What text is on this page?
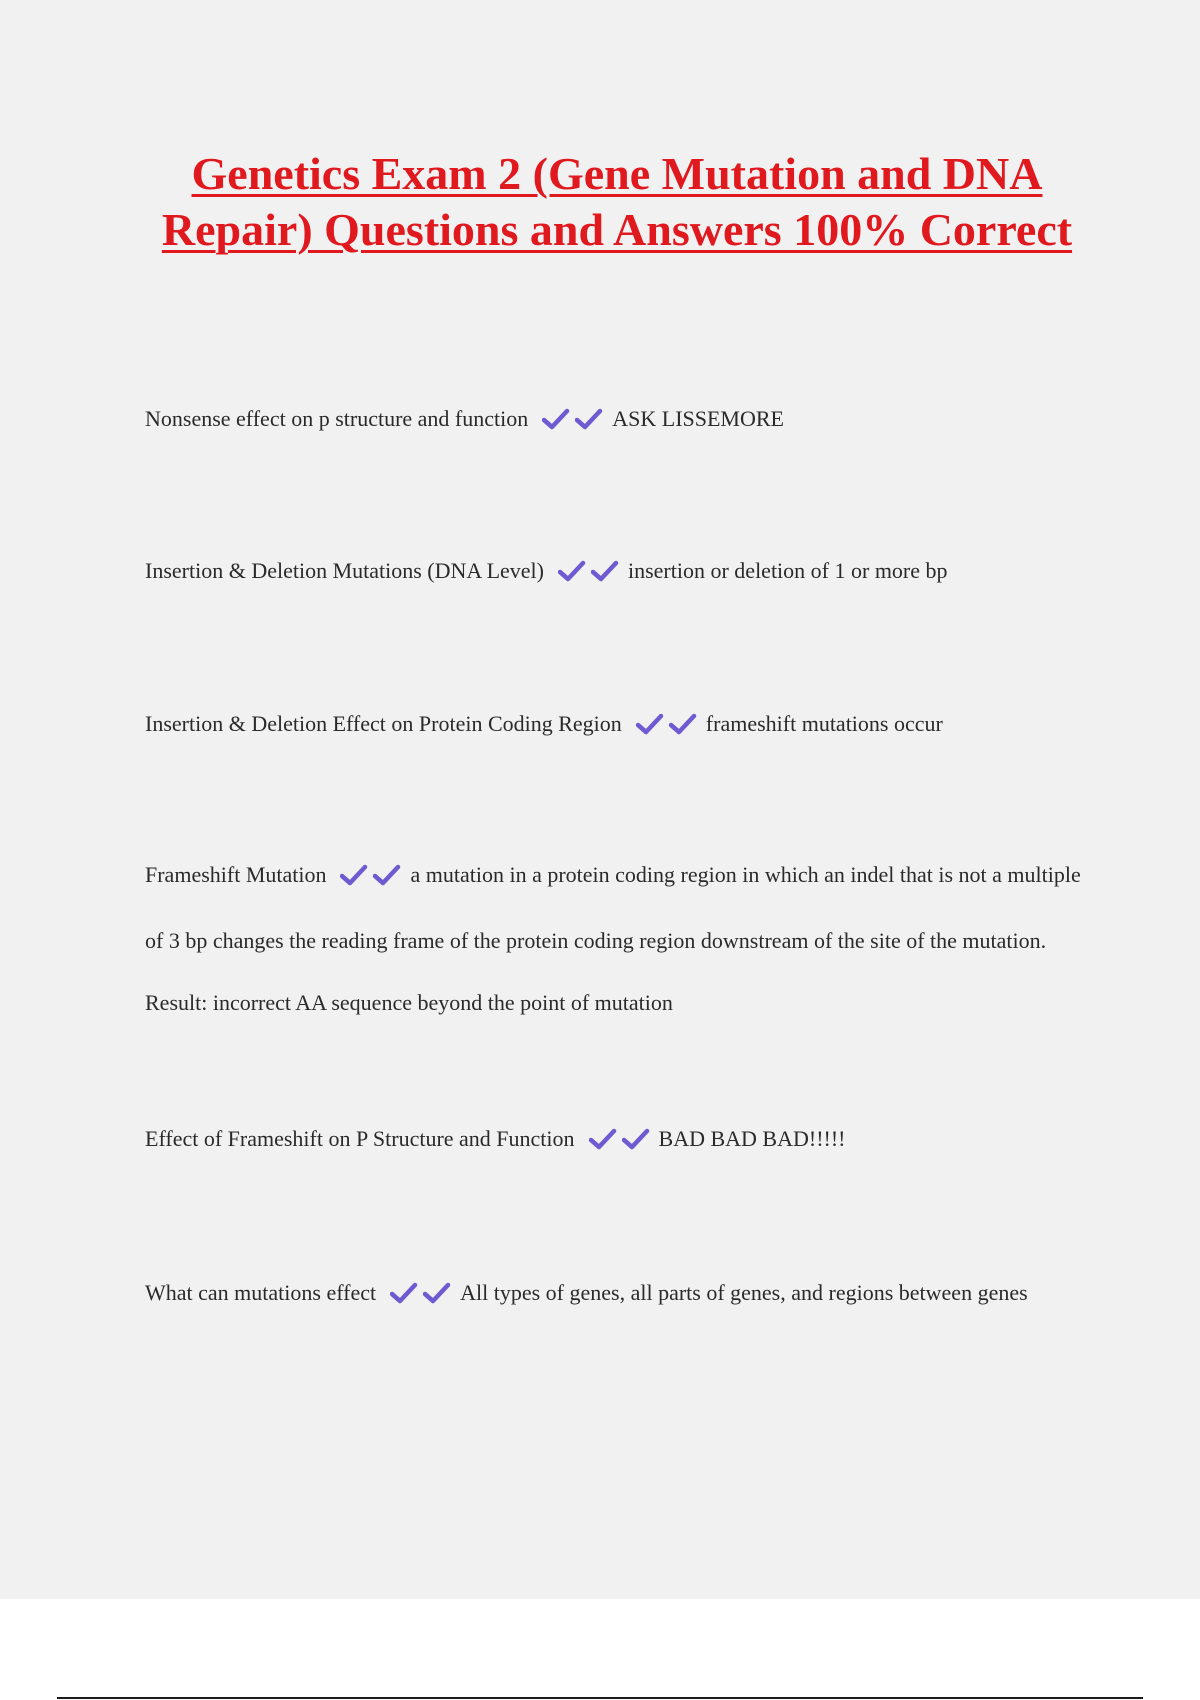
Genetics Exam 2 (Gene Mutation and DNA Repair) Questions and Answers 100% Correct

Nonsense effect on p structure and function	ASK LISSEMORE

Insertion & Deletion Mutations (DNA Level)	insertion or deletion of 1 or more bp

Insertion & Deletion Effect on Protein Coding Region	frameshift mutations occur

Frameshift Mutation	a mutation in a protein coding region in which an indel that is not a multiple of 3 bp changes the reading frame of the protein coding region downstream of the site of the mutation. Result: incorrect AA sequence beyond the point of mutation

Effect of Frameshift on P Structure and Function	BAD BAD BAD!!!!!

What can mutations effect	All types of genes, all parts of genes, and regions between genes
